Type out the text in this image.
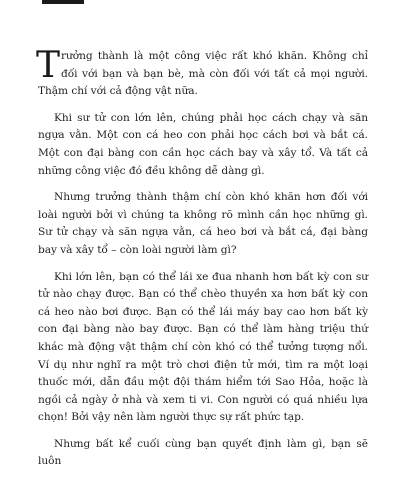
Trưởng thành là một công việc rất khó khăn. Không chỉ đối với bạn và bạn bè, mà còn đối với tất cả mọi người. Thậm chí với cả động vật nữa.

Khi sư tử con lớn lên, chúng phải học cách chạy và săn ngựa vằn. Một con cá heo con phải học cách bơi và bắt cá. Một con đại bàng con cần học cách bay và xây tổ. Và tất cả những công việc đó đều không dễ dàng gì.

Nhưng trưởng thành thậm chí còn khó khăn hơn đối với loài người bởi vì chúng ta không rõ mình cần học những gì. Sư tử chạy và săn ngựa vằn, cá heo bơi và bắt cá, đại bàng bay và xây tổ – còn loài người làm gì?

Khi lớn lên, bạn có thể lái xe đua nhanh hơn bất kỳ con sư tử nào chạy được. Bạn có thể chèo thuyền xa hơn bất kỳ con cá heo nào bơi được. Bạn có thể lái máy bay cao hơn bất kỳ con đại bàng nào bay được. Bạn có thể làm hàng triệu thứ khác mà động vật thậm chí còn khó có thể tưởng tượng nổi. Ví dụ như nghĩ ra một trò chơi điện tử mới, tìm ra một loại thuốc mới, dẫn đầu một đội thám hiểm tới Sao Hỏa, hoặc là ngồi cả ngày ở nhà và xem ti vi. Con người có quá nhiều lựa chọn! Bởi vậy nên làm người thực sự rất phức tạp.

Nhưng bất kể cuối cùng bạn quyết định làm gì, bạn sẽ luôn
